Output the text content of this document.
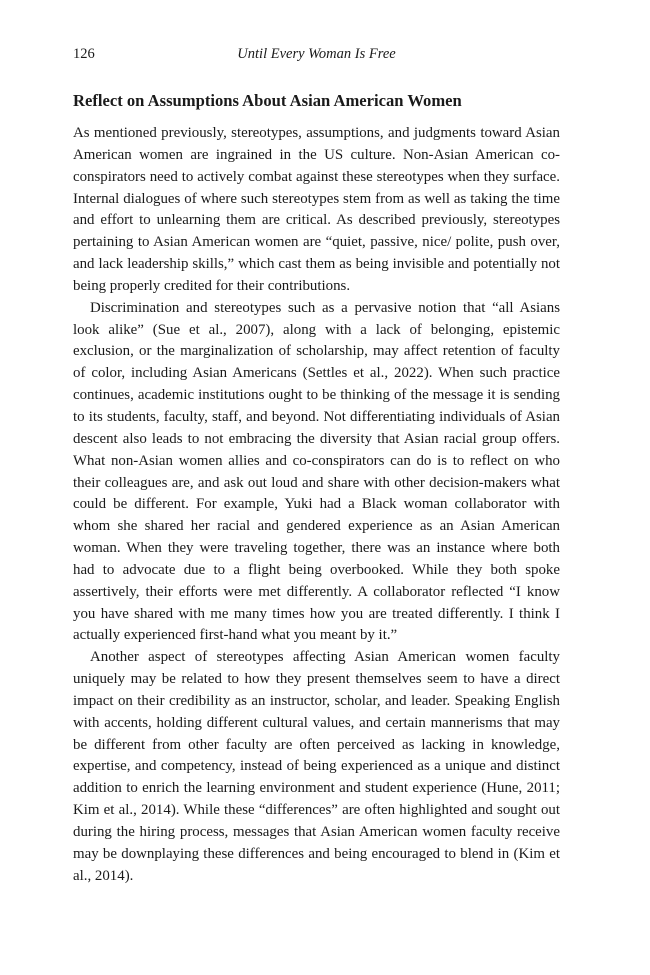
126	Until Every Woman Is Free
Reflect on Assumptions About Asian American Women

As mentioned previously, stereotypes, assumptions, and judgments toward Asian American women are ingrained in the US culture. Non-Asian American co-conspirators need to actively combat against these stereotypes when they surface. Internal dialogues of where such stereotypes stem from as well as taking the time and effort to unlearning them are critical. As described previously, stereotypes pertaining to Asian American women are “quiet, passive, nice/ polite, push over, and lack leadership skills,” which cast them as being invisible and potentially not being properly credited for their contributions.

Discrimination and stereotypes such as a pervasive notion that “all Asians look alike” (Sue et al., 2007), along with a lack of belonging, epistemic exclusion, or the marginalization of scholarship, may affect retention of faculty of color, including Asian Americans (Settles et al., 2022). When such practice continues, academic institutions ought to be thinking of the message it is sending to its students, faculty, staff, and beyond. Not differentiating individuals of Asian descent also leads to not embracing the diversity that Asian racial group offers. What non-Asian women allies and co-conspirators can do is to reflect on who their colleagues are, and ask out loud and share with other decision-makers what could be different. For example, Yuki had a Black woman collaborator with whom she shared her racial and gendered experience as an Asian American woman. When they were traveling together, there was an instance where both had to advocate due to a flight being overbooked. While they both spoke assertively, their efforts were met differently. A collaborator reflected “I know you have shared with me many times how you are treated differently. I think I actually experienced first-hand what you meant by it.”

Another aspect of stereotypes affecting Asian American women faculty uniquely may be related to how they present themselves seem to have a direct impact on their credibility as an instructor, scholar, and leader. Speaking English with accents, holding different cultural values, and certain mannerisms that may be different from other faculty are often perceived as lacking in knowledge, expertise, and competency, instead of being experienced as a unique and distinct addition to enrich the learning environment and student experience (Hune, 2011; Kim et al., 2014). While these “differences” are often highlighted and sought out during the hiring process, messages that Asian American women faculty receive may be downplaying these differences and being encouraged to blend in (Kim et al., 2014).
